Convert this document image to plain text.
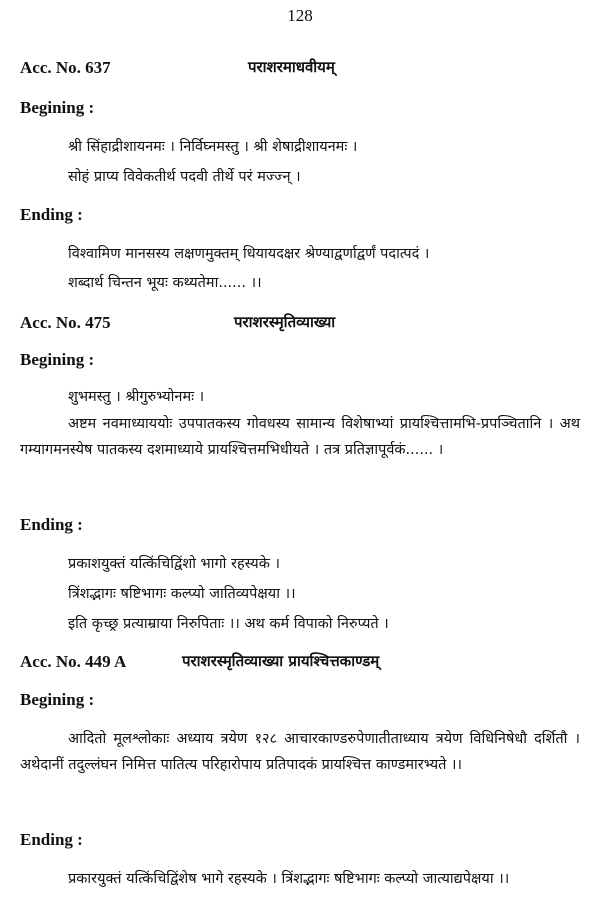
128
Acc. No. 637	पराशरमाधवीयम्
Begining :
श्री सिंहाद्रीशायनमः । निर्विघ्नमस्तु । श्री शेषाद्रीशायनमः ।
सोहं प्राप्य विवेकतीर्थ पदवी तीर्थे परं मज्ज्न् ।
Ending :
विश्वामिण मानसस्य लक्षणमुक्तम् धियायदक्षर श्रेण्याद्वर्णाद्वर्णं पदात्पदं ।
शब्दार्थ चिन्तन भूयः कथ्यतेमा...... ।।
Acc. No. 475	पराशरस्मृतिव्याख्या
Begining :
शुभमस्तु । श्रीगुरुभ्योनमः ।
अष्टम नवमाध्याययोः उपपातकस्य गोवधस्य सामान्य विशेषाभ्यां प्रायश्चित्तामभि-प्रपञ्चितानि । अथ गम्यागमनस्येष पातकस्य दशमाध्याये प्रायश्चित्तमभिधीयते । तत्र प्रतिज्ञापूर्वकं...... ।
Ending :
प्रकाशयुक्तं यत्किंचिद्विंशो भागो रहस्यके ।
त्रिंशद्भागः षष्टिभागः कल्प्यो जातिव्यपेक्षया ।।
इति कृच्छ्र प्रत्याम्राया निरुपिताः ।। अथ कर्म विपाको निरुप्यते ।
Acc. No. 449 A	पराशरस्मृतिव्याख्या प्रायश्चित्तकाण्डम्
Begining :
आदितो मूलश्लोकाः अध्याय त्रयेण १२८ आचारकाण्डरुपेणातीताध्याय त्रयेण विधिनिषेधौ दर्शितौ । अथेदानीं तदुल्लंघन निमित्त पातित्य परिहारोपाय प्रतिपादकं प्रायश्चित्त काण्डमारभ्यते ।।
Ending :
प्रकारयुक्तं यत्किंचिद्विंशेष भागे रहस्यके । त्रिंशद्भागः षष्टिभागः कल्प्यो जात्याद्यपेक्षया ।।
